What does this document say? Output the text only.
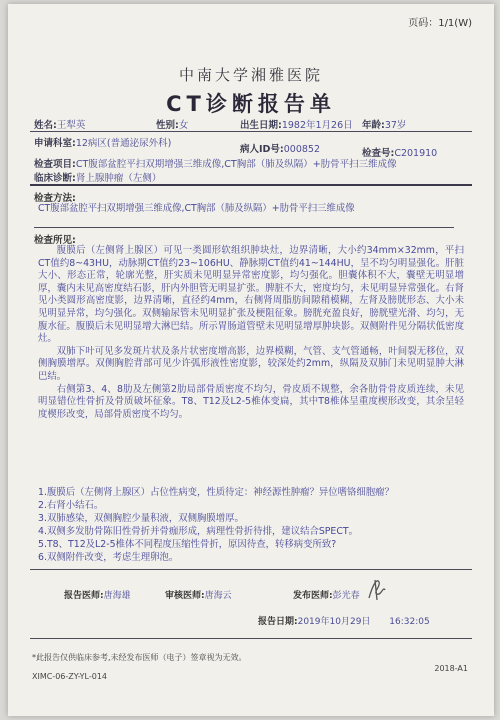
页码：1/1(W)
中南大学湘雅医院
CT诊断报告单
姓名:王犁英	性别:女	出生日期:1982年1月26日 年龄:37岁
申请科室:12病区(普通泌尿外科)
病人ID号:000852	检查号:C201910
检查项目:CT腹部盆腔平扫双期增强三维成像,CT胸部（肺及纵隔）+肋骨平扫三维成像
临床诊断:肾上腺肿瘤（左侧）
检查方法:
CT腹部盆腔平扫双期增强三维成像,CT胸部（肺及纵隔）+肋骨平扫三维成像
检查所见:

腹膜后（左侧肾上腺区）可见一类圆形软组织肿块灶，边界清晰，大小约34mm×32mm，平扫CT值约8~43HU，动脉期CT值约23~106HU、静脉期CT值约41~144HU，呈不均匀明显强化。肝脏大小、形态正常，轮廓光整，肝实质未见明显异常密度影，均匀强化。胆囊体积不大，囊壁无明显增厚，囊内未见高密度结石影，肝内外胆管无明显扩张。脾脏不大，密度均匀，未见明显异常强化。右肾见小类圆形高密度影，边界清晰，直径约4mm，右侧肾周脂肪间隙稍模糊，左肾及膀胱形态、大小未见明显异常，均匀强化。双侧输尿管未见明显扩张及梗阻征象。膀胱充盈良好，膀胱壁光滑、均匀，无腹水征。腹膜后未见明显增大淋巴结。所示胃肠道管壁未见明显增厚肿块影。双侧附件见分隔状低密度灶。

双肺下叶可见多发斑片状及条片状密度增高影，边界模糊，气管、支气管通畅，叶间裂无移位，双侧胸膜增厚。双侧胸腔背部可见少许弧形液性密度影，较深处约2mm，纵隔及双肺门未见明显肿大淋巴结。

右侧第3、4、8肋及左侧第2肋局部骨质密度不均匀，骨皮质不规整，余各肋骨骨皮质连续，未见明显错位性骨折及骨质破坏征象。T8、T12及L2-5椎体变扁，其中T8椎体呈重度楔形改变，其余呈轻度楔形改变，局部骨质密度不均匀。

1.腹膜后（左侧肾上腺区）占位性病变，性质待定：神经源性肿瘤？异位嗜铬细胞瘤？
2.右肾小结石。
3.双肺感染，双侧胸腔少量积液，双侧胸膜增厚。
4.双侧多发肋骨陈旧性骨折并骨痂形成，病理性骨折待排，建议结合SPECT。
5.T8、T12及L2-5椎体不同程度压缩性骨折，原因待查，转移病变所致?
6.双侧附件改变，考虑生理卵泡。
报告医师:唐海雄	审核医师:唐海云	发布医师:彭光春
报告日期:2019年10月29日 16:32:05
*此报告仅供临床参考,未经发布医师（电子）签章视为无效。
2018-A1
XIMC-06-ZY-YL-014
